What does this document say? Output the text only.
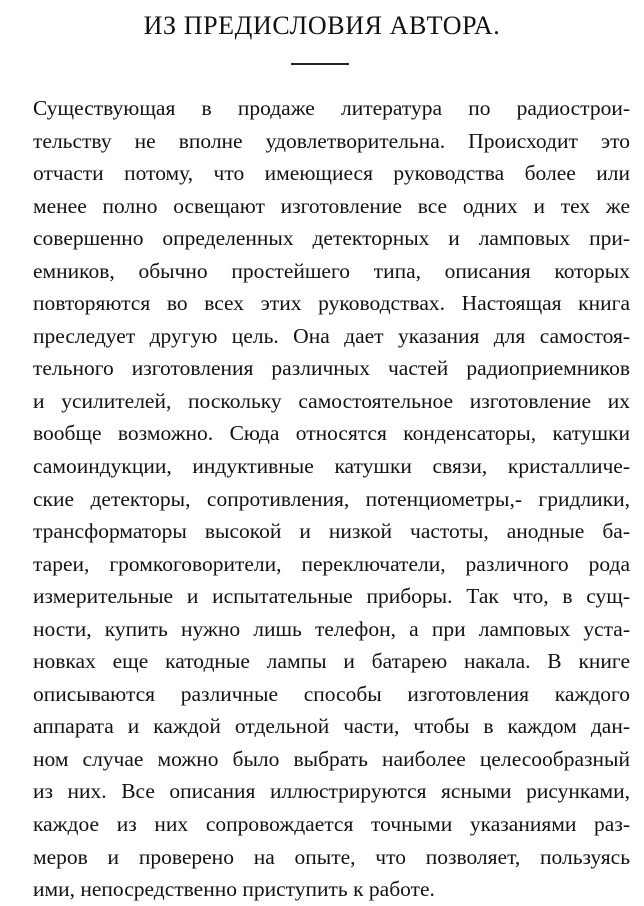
ИЗ ПРЕДИСЛОВИЯ АВТОРА.
Существующая в продаже литература по радиострои-
тельству не вполне удовлетворительна. Происходит это
отчасти потому, что имеющиеся руководства более или
менее полно освещают изготовление все одних и тех же
совершенно определенных детекторных и ламповых при-
емников, обычно простейшего типа, описания которых
повторяются во всех этих руководствах. Настоящая книга
преследует другую цель. Она дает указания для самостоя-
тельного изготовления различных частей радиоприемников
и усилителей, поскольку самостоятельное изготовление их
вообще возможно. Сюда относятся конденсаторы, катушки
самоиндукции, индуктивные катушки связи, кристалличе-
ские детекторы, сопротивления, потенциометры,- гридлики,
трансформаторы высокой и низкой частоты, анодные ба-
тареи, громкоговорители, переключатели, различного рода
измерительные и испытательные приборы. Так что, в сущ-
ности, купить нужно лишь телефон, а при ламповых уста-
новках еще катодные лампы и батарею накала. В книге
описываются различные способы изготовления каждого
аппарата и каждой отдельной части, чтобы в каждом дан-
ном случае можно было выбрать наиболее целесообразный
из них. Все описания иллюстрируются ясными рисунками,
каждое из них сопровождается точными указаниями раз-
меров и проверено на опыте, что позволяет, пользуясь
ими, непосредственно приступить к работе.
